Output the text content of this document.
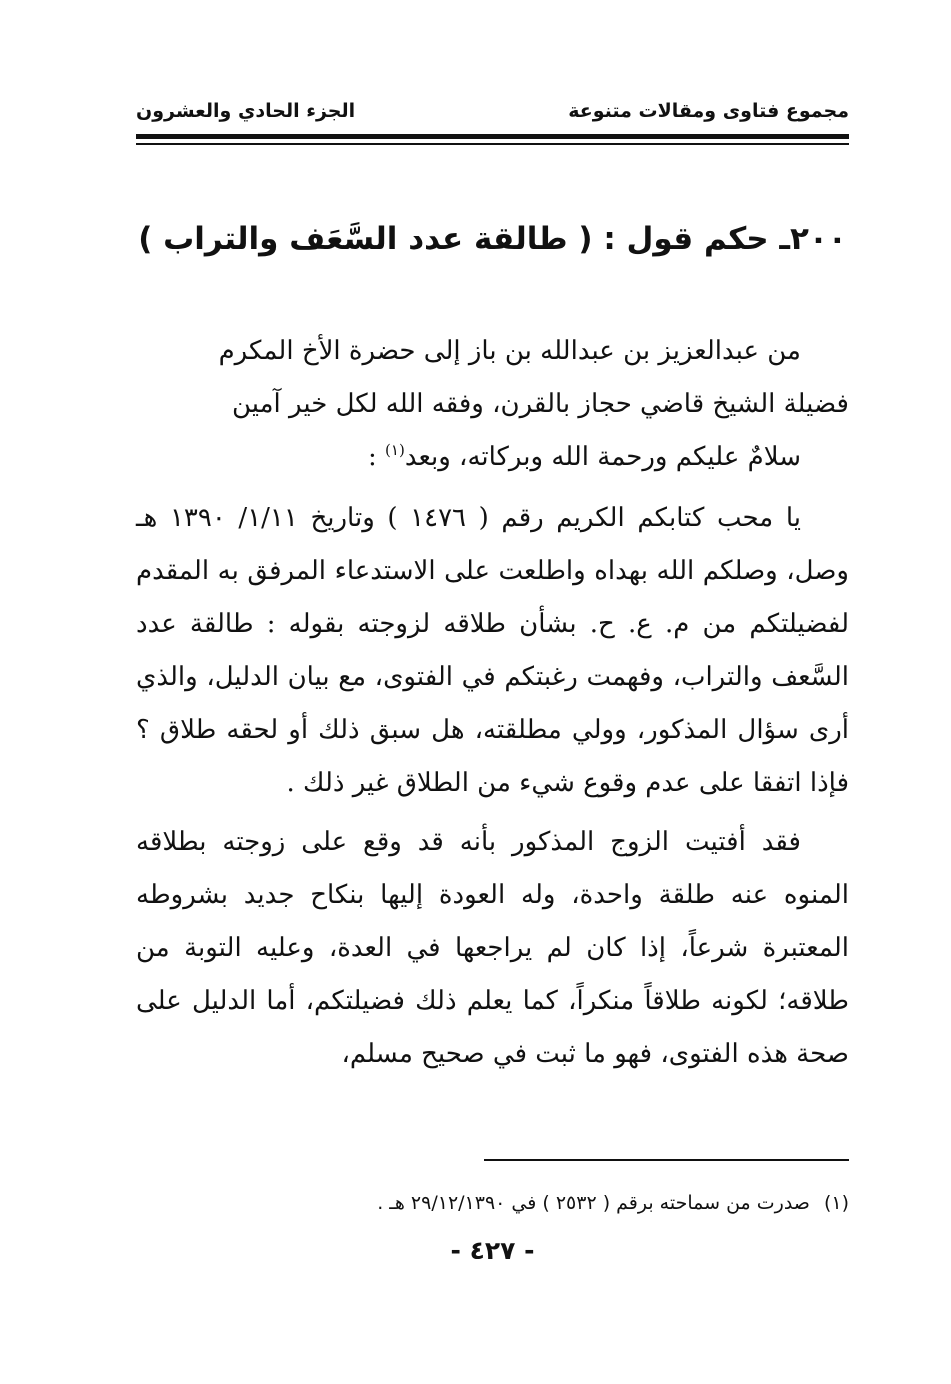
مجموع فتاوى ومقالات متنوعة
الجزء الحادي والعشرون
٢٠٠ـ حكم قول : ( طالقة عدد السَّعَف والتراب )

من عبدالعزيز بن عبدالله بن باز إلى حضرة الأخ المكرم

فضيلة الشيخ قاضي حجاز بالقرن، وفقه الله لكل خير آمين

سلامٌ عليكم ورحمة الله وبركاته، وبعد$^{(١)}$ :

يا محب كتابكم الكريم رقم ( ١٤٧٦ ) وتاريخ ١/١١/ ١٣٩٠ هـ وصل، وصلكم الله بهداه واطلعت على الاستدعاء المرفق به المقدم لفضيلتكم من م. ع. ح. بشأن طلاقه لزوجته بقوله : طالقة عدد السَّعف والتراب، وفهمت رغبتكم في الفتوى، مع بيان الدليل، والذي أرى سؤال المذكور، وولي مطلقته، هل سبق ذلك أو لحقه طلاق ؟ فإذا اتفقا على عدم وقوع شيء من الطلاق غير ذلك .

فقد أفتيت الزوج المذكور بأنه قد وقع على زوجته بطلاقه المنوه عنه طلقة واحدة، وله العودة إليها بنكاح جديد بشروطه المعتبرة شرعاً، إذا كان لم يراجعها في العدة، وعليه التوبة من طلاقه؛ لكونه طلاقاً منكراً، كما يعلم ذلك فضيلتكم، أما الدليل على صحة هذه الفتوى، فهو ما ثبت في صحيح مسلم،

(١)صدرت من سماحته برقم ( ٢٥٣٢ ) في ٢٩/١٢/١٣٩٠ هـ .
- ٤٢٧ -
